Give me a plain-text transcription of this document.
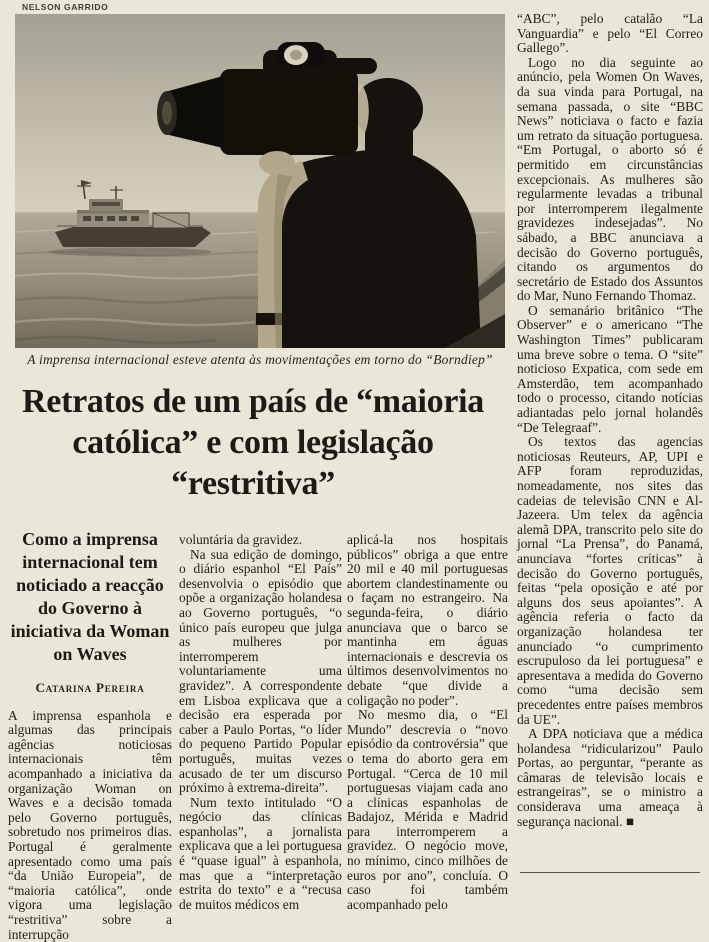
NELSON GARRIDO
A imprensa internacional esteve atenta às movimentações em torno do “Borndiep”
Retratos de um país de “maioria católica” e com legislação “restritiva”
Como a imprensa internacional tem noticiado a reacção do Governo à iniciativa da Woman on Waves
Catarina Pereira

A imprensa espanhola e algumas das principais agências noticiosas internacionais têm acompanhado a iniciativa da organização Woman on Waves e a decisão tomada pelo Governo português, sobretudo nos primeiros dias. Portugal é geralmente apresentado como uma país “da União Europeia”, de “maioria católica”, onde vigora uma legislação “restritiva” sobre a interrupção

voluntária da gravidez.

Na sua edição de domingo, o diário espanhol “El País” desenvolvia o episódio que opõe a organização holandesa ao Governo português, “o único país europeu que julga as mulheres por interromperem voluntariamente uma gravidez”. A correspondente em Lisboa explicava que a decisão era esperada por caber a Paulo Portas, “o líder do pequeno Partido Popular português, muitas vezes acusado de ter um discurso próximo à extrema-direita”.

Num texto intitulado “O negócio das clínicas espanholas”, a jornalista explicava que a lei portuguesa é “quase igual” à espanhola, mas que a “interpretação estrita do texto” e a “recusa de muitos médicos em

aplicá-la nos hospitais públicos” obriga a que entre 20 mil e 40 mil portuguesas abortem clandestinamente ou o façam no estrangeiro. Na segunda-feira, o diário anunciava que o barco se mantinha em águas internacionais e descrevia os últimos desenvolvimentos no debate “que divide a coligação no poder”.

No mesmo dia, o “El Mundo” descrevia o “novo episódio da controvérsia” que o tema do aborto gera em Portugal. “Cerca de 10 mil portuguesas viajam cada ano a clínicas espanholas de Badajoz, Mérida e Madrid para interromperem a gravidez. O negócio move, no mínimo, cinco milhões de euros por ano”, concluía. O caso foi também acompanhado pelo

“ABC”, pelo catalão “La Vanguardia” e pelo “El Correo Gallego”.

Logo no dia seguinte ao anúncio, pela Women On Waves, da sua vinda para Portugal, na semana passada, o site “BBC News” noticiava o facto e fazia um retrato da situação portuguesa. “Em Portugal, o aborto só é permitido em circunstâncias excepcionais. As mulheres são regularmente levadas a tribunal por interromperem ilegalmente gravidezes indesejadas”. No sábado, a BBC anunciava a decisão do Governo português, citando os argumentos do secretário de Estado dos Assuntos do Mar, Nuno Fernando Thomaz.

O semanário britânico “The Observer” e o americano “The Washington Times” publicaram uma breve sobre o tema. O “site” noticioso Expatica, com sede em Amsterdão, tem acompanhado todo o processo, citando notícias adiantadas pelo jornal holandês “De Telegraaf”.

Os textos das agencias noticiosas Reuteurs, AP, UPI e AFP foram reproduzidas, nomeadamente, nos sites das cadeias de televisão CNN e Al-Jazeera. Um telex da agência alemã DPA, transcrito pelo site do jornal “La Prensa”, do Panamá, anunciava “fortes críticas” à decisão do Governo português, feitas “pela oposição e até por alguns dos seus apoiantes”. A agência referia o facto da organização holandesa ter anunciado “o cumprimento escrupuloso da lei portuguesa” e apresentava a medida do Governo como “uma decisão sem precedentes entre países membros da UE”.

A DPA noticiava que a médica holandesa “ridicularizou” Paulo Portas, ao perguntar, “perante as câmaras de televisão locais e estrangeiras”, se o ministro a considerava uma ameaça à segurança nacional. ■
